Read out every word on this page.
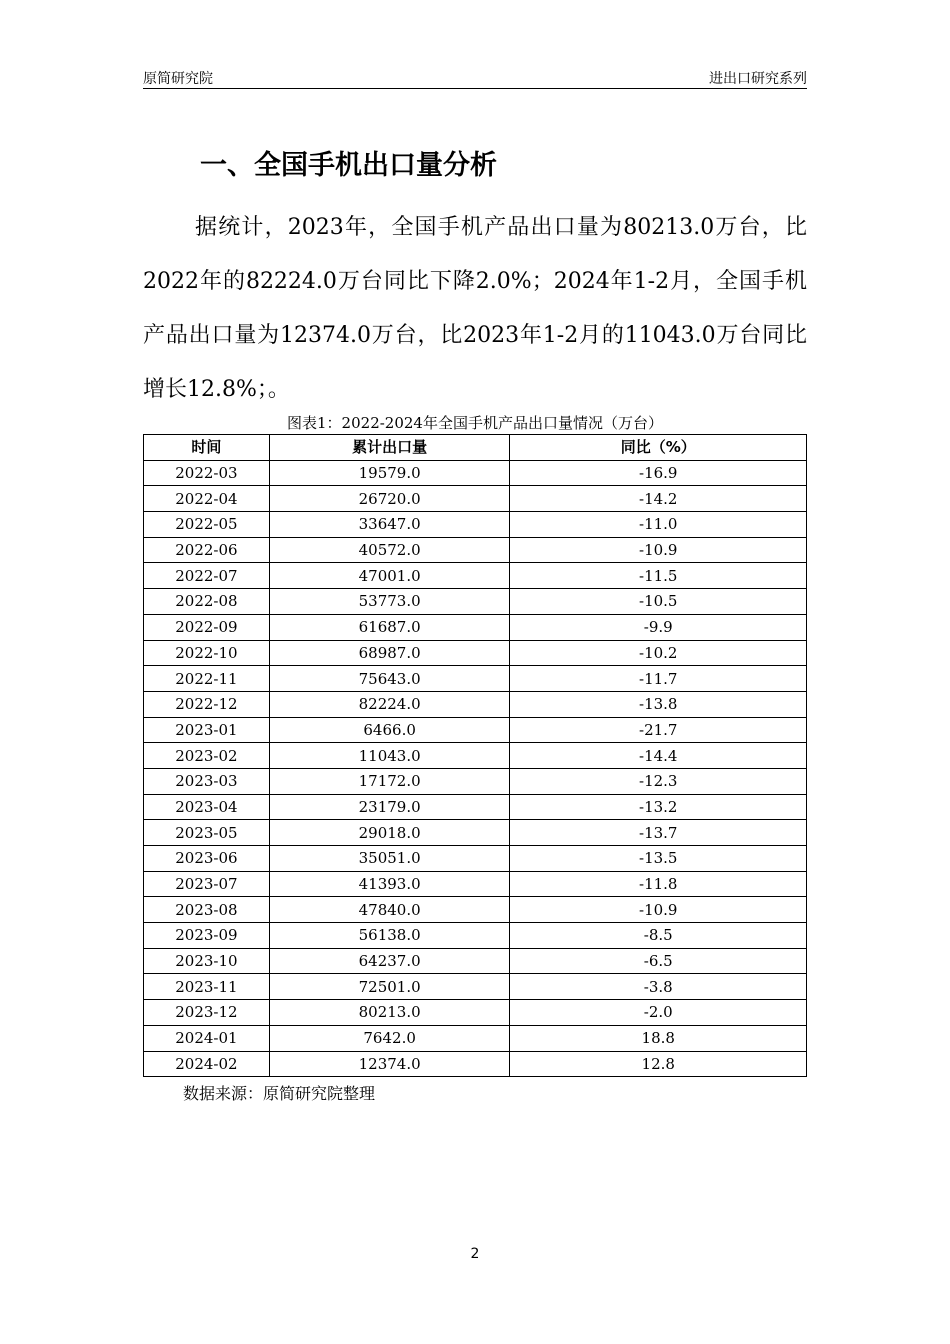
原简研究院	进出口研究系列
一、全国手机出口量分析

据统计，2023年，全国手机产品出口量为80213.0万台，比2022年的82224.0万台同比下降2.0%；2024年1-2月，全国手机产品出口量为12374.0万台，比2023年1-2月的11043.0万台同比增长12.8%；。

图表1：2022-2024年全国手机产品出口量情况（万台）
时间	累计出口量	同比（%）
2022-03	19579.0	-16.9
2022-04	26720.0	-14.2
2022-05	33647.0	-11.0
2022-06	40572.0	-10.9
2022-07	47001.0	-11.5
2022-08	53773.0	-10.5
2022-09	61687.0	-9.9
2022-10	68987.0	-10.2
2022-11	75643.0	-11.7
2022-12	82224.0	-13.8
2023-01	6466.0	-21.7
2023-02	11043.0	-14.4
2023-03	17172.0	-12.3
2023-04	23179.0	-13.2
2023-05	29018.0	-13.7
2023-06	35051.0	-13.5
2023-07	41393.0	-11.8
2023-08	47840.0	-10.9
2023-09	56138.0	-8.5
2023-10	64237.0	-6.5
2023-11	72501.0	-3.8
2023-12	80213.0	-2.0
2024-01	7642.0	18.8
2024-02	12374.0	12.8
数据来源：原简研究院整理
2
